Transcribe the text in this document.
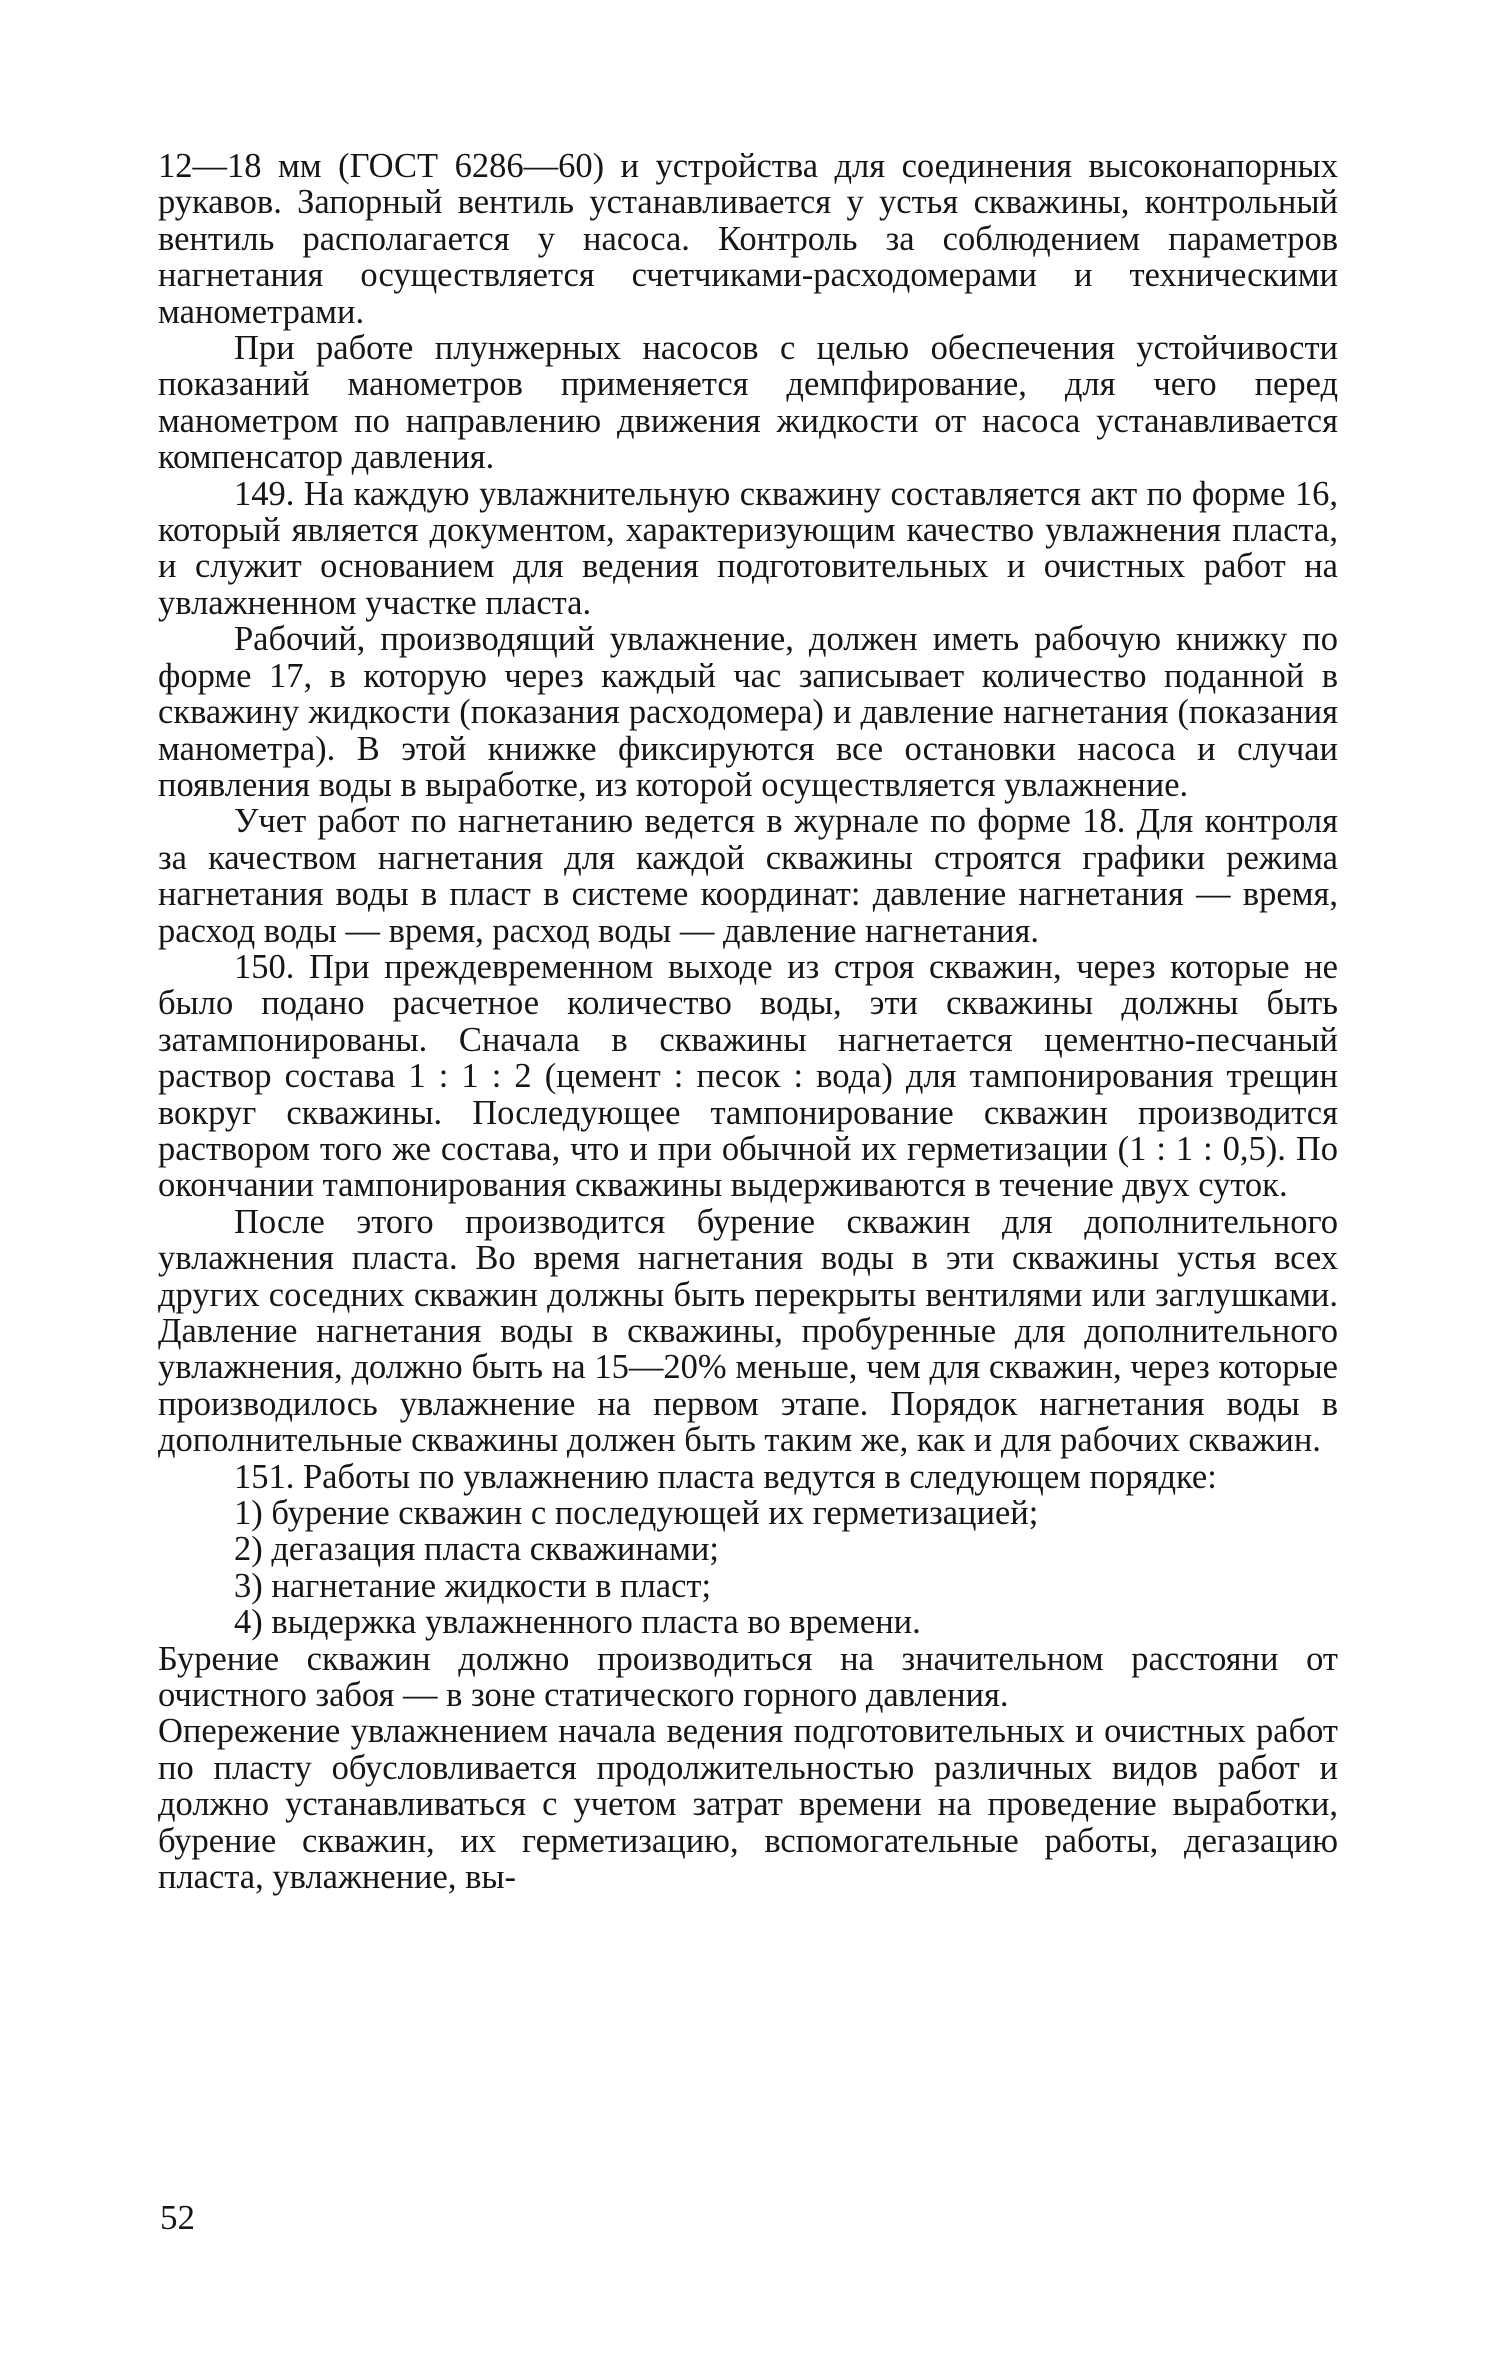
12—18 мм (ГОСТ 6286—60) и устройства для соединения высоконапорных рукавов. Запорный вентиль устанавливается у устья скважины, контрольный вентиль располагается у насоса. Контроль за соблюдением параметров нагнетания осуществляется счетчиками-расходомерами и техническими манометрами.

При работе плунжерных насосов с целью обеспечения устойчивости показаний манометров применяется демпфирование, для чего перед манометром по направлению движения жидкости от насоса устанавливается компенсатор давления.

149. На каждую увлажнительную скважину составляется акт по форме 16, который является документом, характеризующим качество увлажнения пласта, и служит основанием для ведения подготовительных и очистных работ на увлажненном участке пласта.

Рабочий, производящий увлажнение, должен иметь рабочую книжку по форме 17, в которую через каждый час записывает количество поданной в скважину жидкости (показания расходомера) и давление нагнетания (показания манометра). В этой книжке фиксируются все остановки насоса и случаи появления воды в выработке, из которой осуществляется увлажнение.

Учет работ по нагнетанию ведется в журнале по форме 18. Для контроля за качеством нагнетания для каждой скважины строятся графики режима нагнетания воды в пласт в системе координат: давление нагнетания — время, расход воды — время, расход воды — давление нагнетания.

150. При преждевременном выходе из строя скважин, через которые не было подано расчетное количество воды, эти скважины должны быть затампонированы. Сначала в скважины нагнетается цементно-песчаный раствор состава 1 : 1 : 2 (цемент : песок : вода) для тампонирования трещин вокруг скважины. Последующее тампонирование скважин производится раствором того же состава, что и при обычной их герметизации (1 : 1 : 0,5). По окончании тампонирования скважины выдерживаются в течение двух суток.

После этого производится бурение скважин для дополнительного увлажнения пласта. Во время нагнетания воды в эти скважины устья всех других соседних скважин должны быть перекрыты вентилями или заглушками. Давление нагнетания воды в скважины, пробуренные для дополнительного увлажнения, должно быть на 15—20% меньше, чем для скважин, через которые производилось увлажнение на первом этапе. Порядок нагнетания воды в дополнительные скважины должен быть таким же, как и для рабочих скважин.

151. Работы по увлажнению пласта ведутся в следующем порядке:

1) бурение скважин с последующей их герметизацией;
2) дегазация пласта скважинами;
3) нагнетание жидкости в пласт;
4) выдержка увлажненного пласта во времени.

Бурение скважин должно производиться на значительном расстояни от очистного забоя — в зоне статического горного давления.

Опережение увлажнением начала ведения подготовительных и очистных работ по пласту обусловливается продолжительностью различных видов работ и должно устанавливаться с учетом затрат времени на проведение выработки, бурение скважин, их герметизацию, вспомогательные работы, дегазацию пласта, увлажнение, вы-

52
